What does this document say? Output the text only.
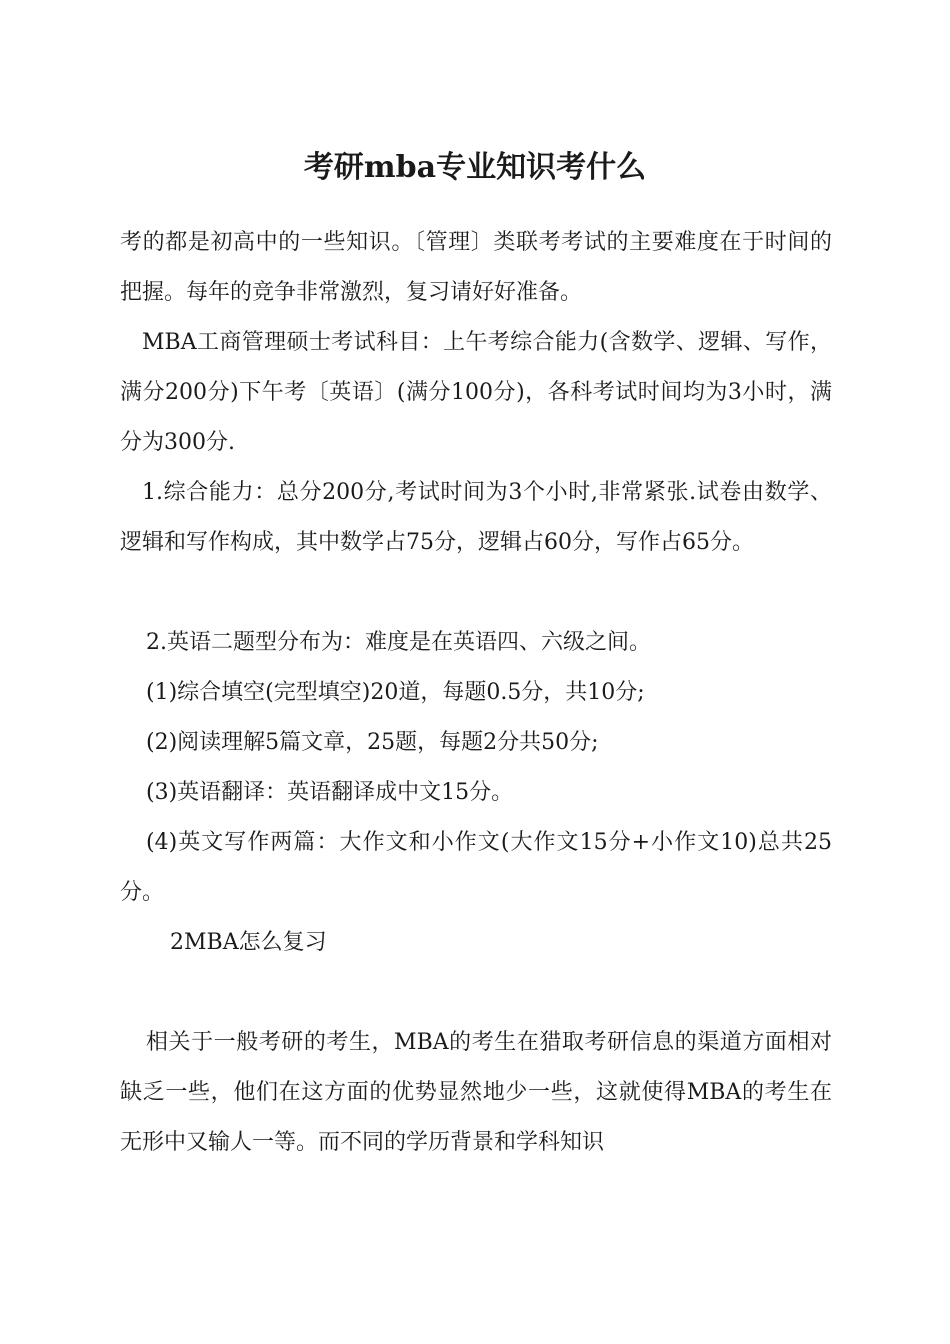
考研mba专业知识考什么

考的都是初高中的一些知识。〔管理〕类联考考试的主要难度在于时间的把握。每年的竞争非常激烈，复习请好好准备。

MBA工商管理硕士考试科目：上午考综合能力(含数学、逻辑、写作，满分200分)下午考〔英语〕(满分100分)，各科考试时间均为3小时，满分为300分.

1.综合能力：总分200分,考试时间为3个小时,非常紧张.试卷由数学、逻辑和写作构成，其中数学占75分，逻辑占60分，写作占65分。

2.英语二题型分布为：难度是在英语四、六级之间。

(1)综合填空(完型填空)20道，每题0.5分，共10分;

(2)阅读理解5篇文章，25题，每题2分共50分;

(3)英语翻译：英语翻译成中文15分。

(4)英文写作两篇：大作文和小作文(大作文15分+小作文10)总共25分。

2MBA怎么复习

相关于一般考研的考生，MBA的考生在猎取考研信息的渠道方面相对缺乏一些，他们在这方面的优势显然地少一些，这就使得MBA的考生在无形中又输人一等。而不同的学历背景和学科知识
